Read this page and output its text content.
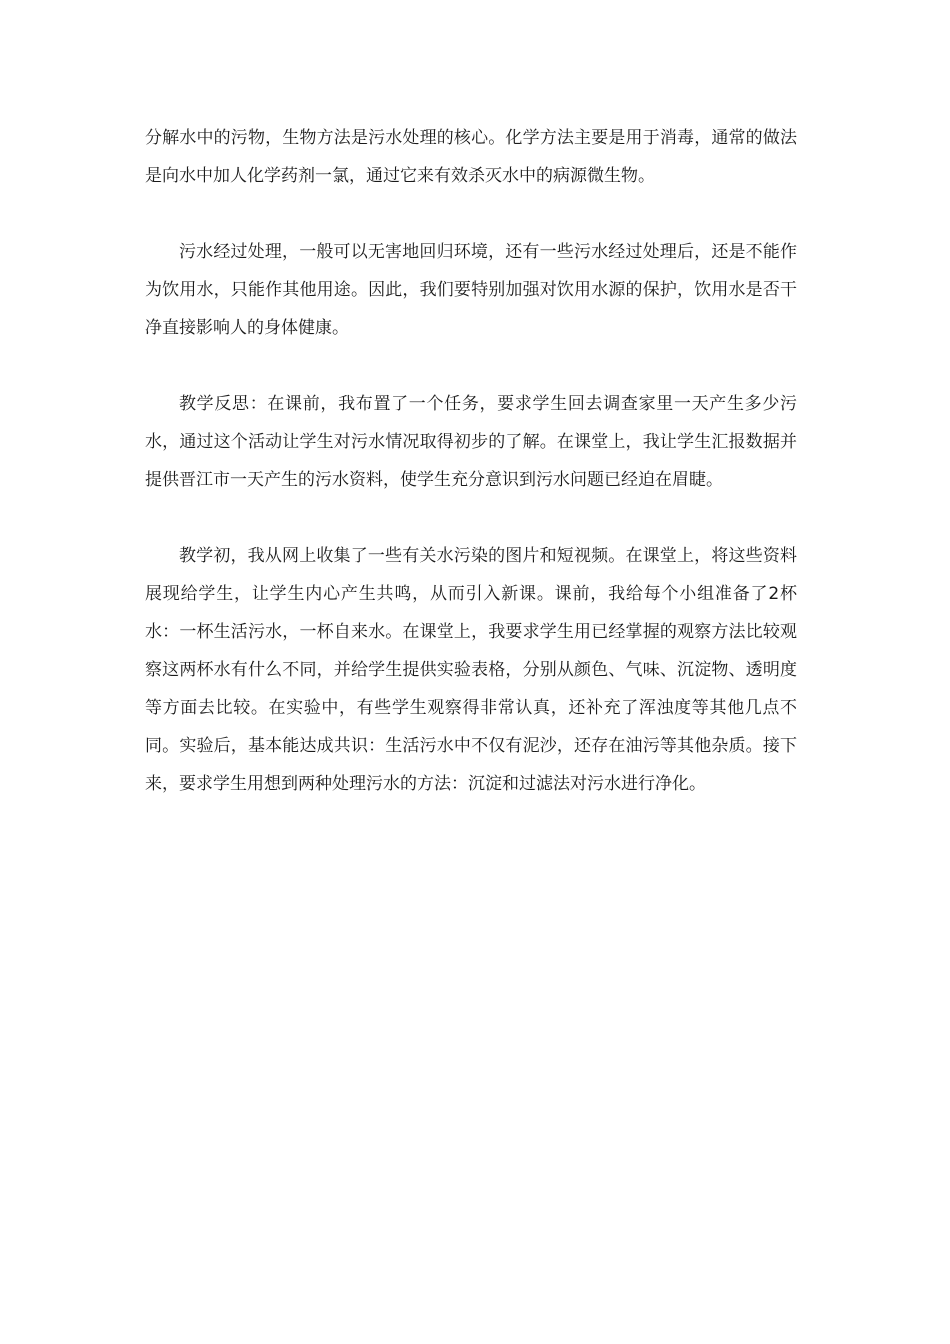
分解水中的污物，生物方法是污水处理的核心。化学方法主要是用于消毒，通常的做法是向水中加人化学药剂一氯，通过它来有效杀灭水中的病源微生物。

污水经过处理，一般可以无害地回归环境，还有一些污水经过处理后，还是不能作为饮用水，只能作其他用途。因此，我们要特别加强对饮用水源的保护，饮用水是否干净直接影响人的身体健康。

教学反思：在课前，我布置了一个任务，要求学生回去调查家里一天产生多少污水，通过这个活动让学生对污水情况取得初步的了解。在课堂上，我让学生汇报数据并提供晋江市一天产生的污水资料，使学生充分意识到污水问题已经迫在眉睫。

教学初，我从网上收集了一些有关水污染的图片和短视频。在课堂上，将这些资料展现给学生，让学生内心产生共鸣，从而引入新课。课前，我给每个小组准备了2杯水：一杯生活污水，一杯自来水。在课堂上，我要求学生用已经掌握的观察方法比较观察这两杯水有什么不同，并给学生提供实验表格，分别从颜色、气味、沉淀物、透明度等方面去比较。在实验中，有些学生观察得非常认真，还补充了浑浊度等其他几点不同。实验后，基本能达成共识：生活污水中不仅有泥沙，还存在油污等其他杂质。接下来，要求学生用想到两种处理污水的方法：沉淀和过滤法对污水进行净化。
